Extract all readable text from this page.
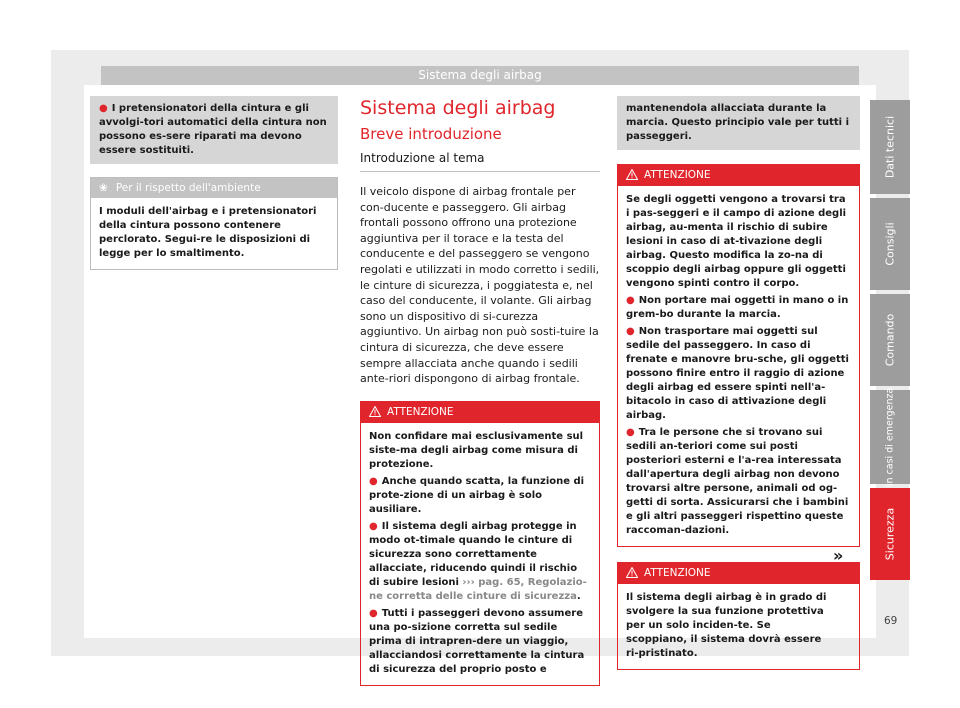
Sistema degli airbag
● I pretensionatori della cintura e gli avvolgi-tori automatici della cintura non possono es-sere riparati ma devono essere sostituiti.
❀ Per il rispetto dell'ambiente
I moduli dell'airbag e i pretensionatori della cintura possono contenere perclorato. Segui-re le disposizioni di legge per lo smaltimento.
Sistema degli airbag
Breve introduzione
Introduzione al tema
Il veicolo dispone di airbag frontale per con-ducente e passeggero. Gli airbag frontali possono offrono una protezione aggiuntiva per il torace e la testa del conducente e del passeggero se vengono regolati e utilizzati in modo corretto i sedili, le cinture di sicurezza, i poggiatesta e, nel caso del conducente, il volante. Gli airbag sono un dispositivo di si-curezza aggiuntivo. Un airbag non può sosti-tuire la cintura di sicurezza, che deve essere sempre allacciata anche quando i sedili ante-riori dispongono di airbag frontale.
ATTENZIONE
Non confidare mai esclusivamente sul siste-ma degli airbag come misura di protezione.
● Anche quando scatta, la funzione di prote-zione di un airbag è solo ausiliare.
● Il sistema degli airbag protegge in modo ot-timale quando le cinture di sicurezza sono correttamente allacciate, riducendo quindi il rischio di subire lesioni ››› pag. 65, Regolazio-ne corretta delle cinture di sicurezza.
● Tutti i passeggeri devono assumere una po-sizione corretta sul sedile prima di intrapren-dere un viaggio, allacciandosi correttamente la cintura di sicurezza del proprio posto e
mantenendola allacciata durante la marcia. Questo principio vale per tutti i passeggeri.
ATTENZIONE
Se degli oggetti vengono a trovarsi tra i pas-seggeri e il campo di azione degli airbag, au-menta il rischio di subire lesioni in caso di at-tivazione degli airbag. Questo modifica la zo-na di scoppio degli airbag oppure gli oggetti vengono spinti contro il corpo.
● Non portare mai oggetti in mano o in grem-bo durante la marcia.
● Non trasportare mai oggetti sul sedile del passeggero. In caso di frenate e manovre bru-sche, gli oggetti possono finire entro il raggio di azione degli airbag ed essere spinti nell'a-bitacolo in caso di attivazione degli airbag.
● Tra le persone che si trovano sui sedili an-teriori come sui posti posteriori esterni e l'a-rea interessata dall'apertura degli airbag non devono trovarsi altre persone, animali od og-getti di sorta. Assicurarsi che i bambini e gli altri passeggeri rispettino queste raccoman-dazioni.
ATTENZIONE
Il sistema degli airbag è in grado di svolgere la sua funzione protettiva per un solo inciden-te. Se scoppiano, il sistema dovrà essere ri-pristinato.
»
Dati tecnici
Consigli
Comando
In casi di emergenza
Sicurezza
69
